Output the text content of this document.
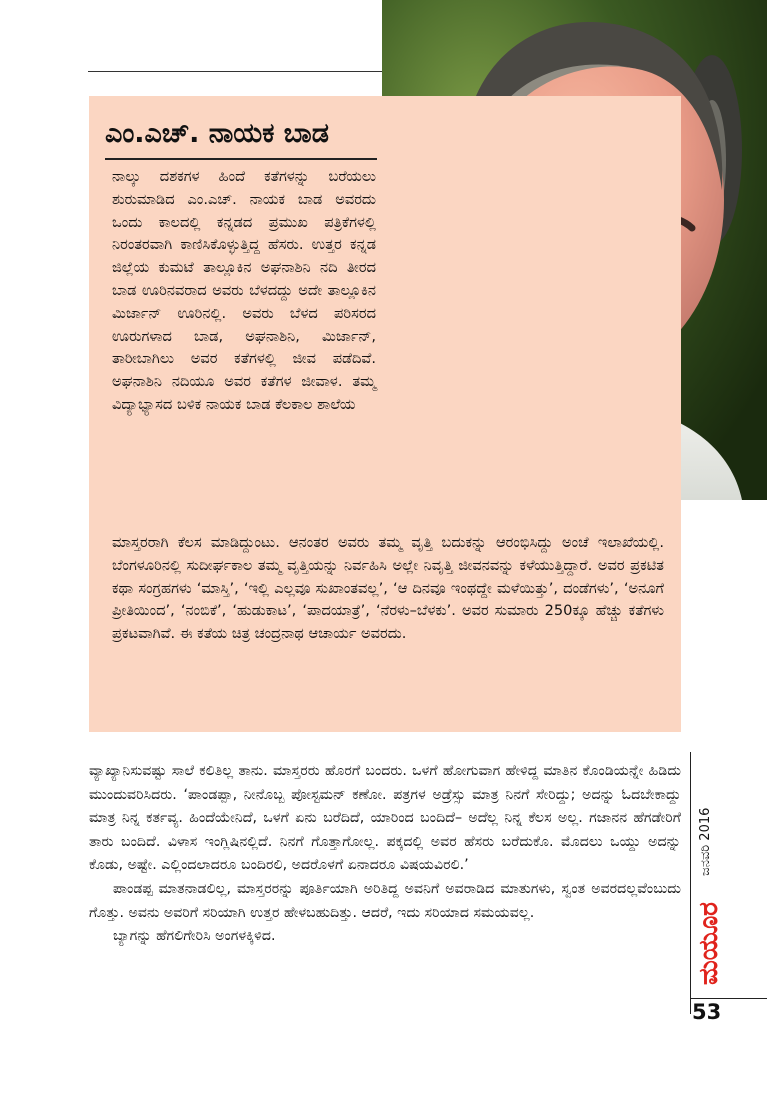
ಎಂ.ಎಚ್. ನಾಯಕ ಬಾಡ

ನಾಲ್ಕು ದಶಕಗಳ ಹಿಂದೆ ಕತೆಗಳನ್ನು ಬರೆಯಲು ಶುರುಮಾಡಿದ ಎಂ.ಎಚ್. ನಾಯಕ ಬಾಡ ಅವರದು ಒಂದು ಕಾಲದಲ್ಲಿ ಕನ್ನಡದ ಪ್ರಮುಖ ಪತ್ರಿಕೆಗಳಲ್ಲಿ ನಿರಂತರವಾಗಿ ಕಾಣಿಸಿಕೊಳ್ಳುತ್ತಿದ್ದ ಹೆಸರು. ಉತ್ತರ ಕನ್ನಡ ಜಿಲ್ಲೆಯ ಕುಮಟೆ ತಾಲ್ಲೂಕಿನ ಅಘನಾಶಿನಿ ನದಿ ತೀರದ ಬಾಡ ಊರಿನವರಾದ ಅವರು ಬೆಳದದ್ದು ಅದೇ ತಾಲ್ಲೂಕಿನ ಮಿರ್ಜಾನ್ ಊರಿನಲ್ಲಿ. ಅವರು ಬೆಳದ ಪರಿಸರದ ಊರುಗಳಾದ ಬಾಡ, ಅಘನಾಶಿನಿ, ಮಿರ್ಜಾನ್, ತಾರೀಬಾಗಿಲು ಅವರ ಕತೆಗಳಲ್ಲಿ ಜೀವ ಪಡೆದಿವೆ. ಅಘನಾಶಿನಿ ನದಿಯೂ ಅವರ ಕತೆಗಳ ಜೀವಾಳ. ತಮ್ಮ ವಿದ್ಯಾಭ್ಯಾಸದ ಬಳಿಕ ನಾಯಕ ಬಾಡ ಕೆಲಕಾಲ ಶಾಲೆಯ

ಮಾಸ್ತರರಾಗಿ ಕೆಲಸ ಮಾಡಿದ್ದುಂಟು. ಆನಂತರ ಅವರು ತಮ್ಮ ವೃತ್ತಿ ಬದುಕನ್ನು ಆರಂಭಿಸಿದ್ದು ಅಂಚೆ ಇಲಾಖೆಯಲ್ಲಿ. ಬೆಂಗಳೂರಿನಲ್ಲಿ ಸುದೀರ್ಘಕಾಲ ತಮ್ಮ ವೃತ್ತಿಯನ್ನು ನಿರ್ವಹಿಸಿ ಅಲ್ಲೇ ನಿವೃತ್ತಿ ಜೀವನವನ್ನು ಕಳೆಯುತ್ತಿದ್ದಾರೆ. ಅವರ ಪ್ರಕಟಿತ ಕಥಾ ಸಂಗ್ರಹಗಳು ‘ಮಾಸ್ತಿ’, ‘ಇಲ್ಲಿ ಎಲ್ಲವೂ ಸುಖಾಂತವಲ್ಲ’, ‘ಆ ದಿನವೂ ಇಂಥದ್ದೇ ಮಳೆಯಿತ್ತು’, ದಂಡೆಗಳು’, ‘ಅನೂಗೆ ಪ್ರೀತಿಯಿಂದ’, ‘ನಂಬಿಕೆ’, ‘ಹುಡುಕಾಟ’, ‘ಪಾದಯಾತ್ರೆ’, ‘ನೆರಳು–ಬೆಳಕು’. ಅವರ ಸುಮಾರು 250ಕ್ಕೂ ಹೆಚ್ಚು ಕತೆಗಳು ಪ್ರಕಟವಾಗಿವೆ. ಈ ಕತೆಯ ಚಿತ್ರ ಚಂದ್ರನಾಥ ಆಚಾರ್ಯ ಅವರದು.

ವ್ಯಾಖ್ಯಾನಿಸುವಷ್ಟು ಸಾಲೆ ಕಲಿತಿಲ್ಲ ತಾನು. ಮಾಸ್ತರರು ಹೊರಗೆ ಬಂದರು. ಒಳಗೆ ಹೋಗುವಾಗ ಹೇಳಿದ್ದ ಮಾತಿನ ಕೊಂಡಿಯನ್ನೇ ಹಿಡಿದು ಮುಂದುವರಿಸಿದರು. ‘ಪಾಂಡಪ್ಪಾ, ನೀನೊಬ್ಬ ಪೋಸ್ಟಮನ್ ಕಣೋ. ಪತ್ರಗಳ ಅಡ್ರೆಸ್ಸು ಮಾತ್ರ ನಿನಗೆ ಸೇರಿದ್ದು; ಅದನ್ನು ಓದಬೇಕಾದ್ದು ಮಾತ್ರ ನಿನ್ನ ಕರ್ತವ್ಯ. ಹಿಂದೆಯೇನಿದೆ, ಒಳಗೆ ಏನು ಬರೆದಿದೆ, ಯಾರಿಂದ ಬಂದಿದೆ– ಅದೆಲ್ಲ ನಿನ್ನ ಕೆಲಸ ಅಲ್ಲ. ಗಜಾನನ ಹೆಗಡೇರಿಗೆ ತಾರು ಬಂದಿದೆ. ವಿಳಾಸ ಇಂಗ್ಲಿಷಿನಲ್ಲಿದೆ. ನಿನಗೆ ಗೊತ್ತಾಗೋಲ್ಲ. ಪಕ್ಕದಲ್ಲಿ ಅವರ ಹೆಸರು ಬರೆದುಕೊ. ಮೊದಲು ಒಯ್ದು ಅದನ್ನು ಕೊಡು, ಅಷ್ಟೇ. ಎಲ್ಲಿಂದಲಾದರೂ ಬಂದಿರಲಿ, ಅದರೊಳಗೆ ಏನಾದರೂ ವಿಷಯವಿರಲಿ.’

ಪಾಂಡಪ್ಪ ಮಾತನಾಡಲಿಲ್ಲ, ಮಾಸ್ತರರನ್ನು ಪೂರ್ತಿಯಾಗಿ ಅರಿತಿದ್ದ ಅವನಿಗೆ ಅವರಾಡಿದ ಮಾತುಗಳು, ಸ್ವಂತ ಅವರದಲ್ಲವೆಂಬುದು ಗೊತ್ತು. ಅವನು ಅವರಿಗೆ ಸರಿಯಾಗಿ ಉತ್ತರ ಹೇಳಬಹುದಿತ್ತು. ಆದರೆ, ಇದು ಸರಿಯಾದ ಸಮಯವಲ್ಲ.

ಬ್ಯಾಗನ್ನು ಹೆಗಲಿಗೇರಿಸಿ ಅಂಗಳಕ್ಕಿಳಿದ.

ಜನವರಿ 2016
ಮಯೂರ
53
